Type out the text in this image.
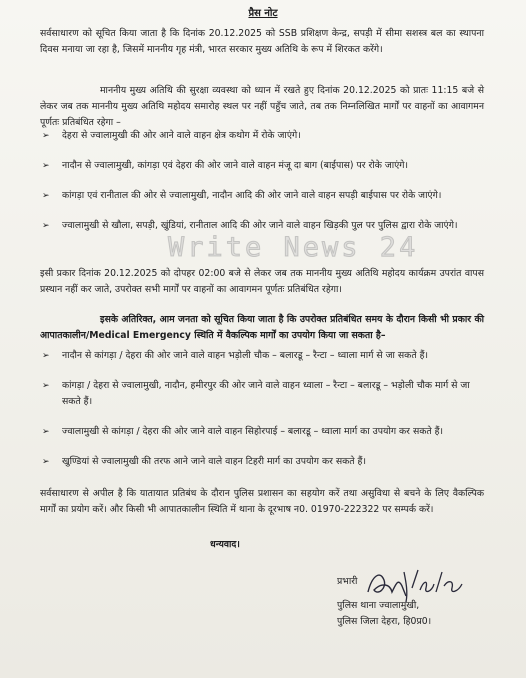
प्रैस नोट

सर्वसाधारण को सूचित किया जाता है कि दिनांक 20.12.2025 को SSB प्रशिक्षण केन्द्र, सपड़ी में सीमा सशस्त्र बल का स्थापना दिवस मनाया जा रहा है, जिसमें माननीय गृह मंत्री, भारत सरकार मुख्य अतिथि के रूप में शिरकत करेंगे।

माननीय मुख्य अतिथि की सुरक्षा व्यवस्था को ध्यान में रखते हुए दिनांक 20.12.2025 को प्रातः 11:15 बजे से लेकर जब तक माननीय मुख्य अतिथि महोदय समारोह स्थल पर नहीं पहुँच जाते, तब तक निम्नलिखित मार्गों पर वाहनों का आवागमन पूर्णतः प्रतिबंधित रहेगा –

➢ देहरा से ज्वालामुखी की ओर आने वाले वाहन क्षेत्र कथोग में रोके जाएंगे।
➢ नादौन से ज्वालामुखी, कांगड़ा एवं देहरा की ओर जाने वाले वाहन मंजू दा बाग (बाईपास) पर रोके जाएंगे।
➢ कांगड़ा एवं रानीताल की ओर से ज्वालामुखी, नादौन आदि की ओर जाने वाले वाहन सपड़ी बाईपास पर रोके जाएंगे।
➢ ज्वालामुखी से खौला, सपड़ी, खुंडियां, रानीताल आदि की ओर जाने वाले वाहन खिड़की पुल पर पुलिस द्वारा रोके जाएंगे।
Write News 24

इसी प्रकार दिनांक 20.12.2025 को दोपहर 02:00 बजे से लेकर जब तक माननीय मुख्य अतिथि महोदय कार्यक्रम उपरांत वापस प्रस्थान नहीं कर जाते, उपरोक्त सभी मार्गों पर वाहनों का आवागमन पूर्णतः प्रतिबंधित रहेगा।

इसके अतिरिक्त, आम जनता को सूचित किया जाता है कि उपरोक्त प्रतिबंधित समय के दौरान किसी भी प्रकार की आपातकालीन/Medical Emergency स्थिति में वैकल्पिक मार्गों का उपयोग किया जा सकता है–

➢ नादौन से कांगड़ा / देहरा की ओर जाने वाले वाहन भड़ोली चौक – बलारडू – रैन्टा – ध्वाला मार्ग से जा सकते हैं।
➢ कांगड़ा / देहरा से ज्वालामुखी, नादौन, हमीरपुर की ओर जाने वाले वाहन ध्वाला – रैन्टा – बलारडू – भड़ोली चौक मार्ग से जा सकते हैं।
➢ ज्वालामुखी से कांगड़ा / देहरा की ओर जाने वाले वाहन सिहोरपाई – बलारडू – ध्वाला मार्ग का उपयोग कर सकते हैं।
➢ खुण्डियां से ज्वालामुखी की तरफ आने जाने वाले वाहन टिहरी मार्ग का उपयोग कर सकते हैं।

सर्वसाधारण से अपील है कि यातायात प्रतिबंध के दौरान पुलिस प्रशासन का सहयोग करें तथा असुविधा से बचने के लिए वैकल्पिक मार्गों का प्रयोग करें। और किसी भी आपातकालीन स्थिति में थाना के दूरभाष न0. 01970-222322 पर सम्पर्क करें।

धन्यवाद।
प्रभारी
पुलिस थाना ज्वालामुखी,
पुलिस जिला देहरा, हि0प्र0।
